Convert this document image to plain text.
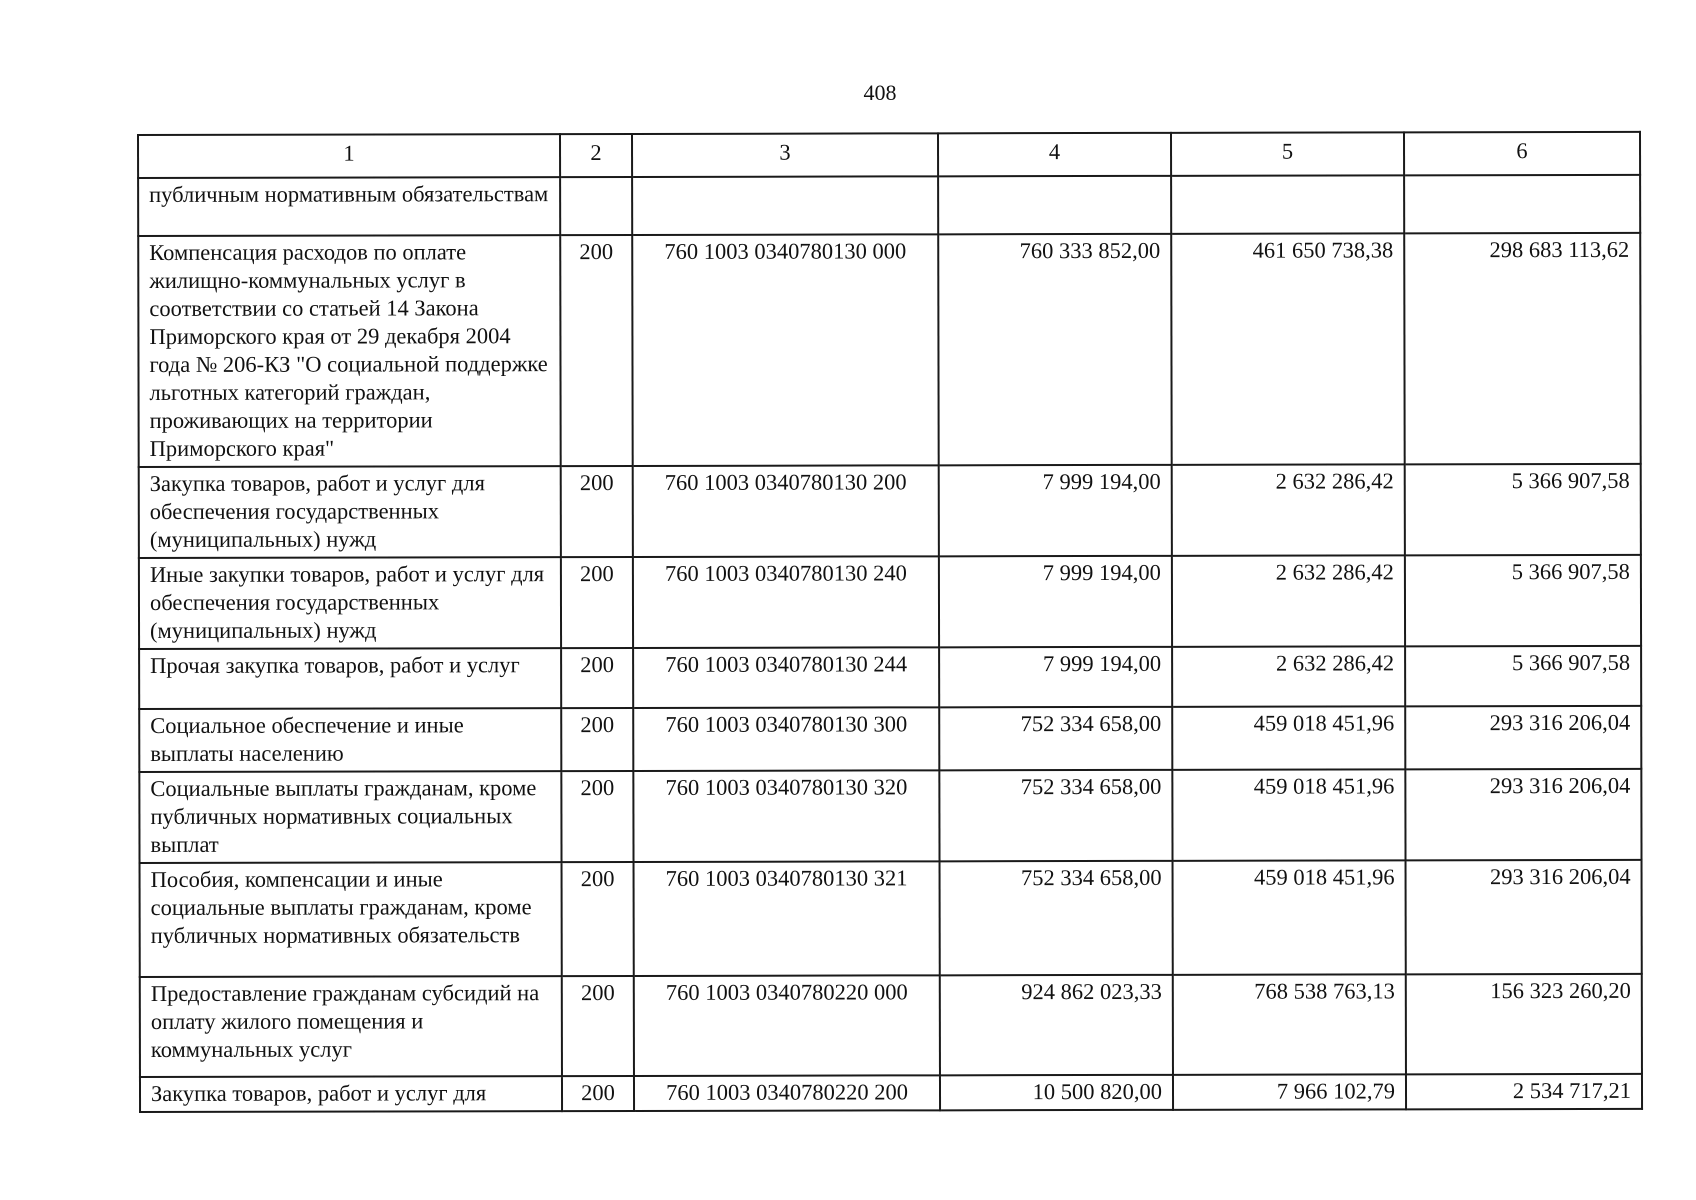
408
1	2	3	4	5	6
публичным нормативным обязательствам					
Компенсация расходов по оплате жилищно-коммунальных услуг в соответствии со статьей 14 Закона Приморского края от 29 декабря 2004 года № 206-КЗ "О социальной поддержке льготных категорий граждан, проживающих на территории Приморского края"	200	760 1003 0340780130 000	760 333 852,00	461 650 738,38	298 683 113,62
Закупка товаров, работ и услуг для обеспечения государственных (муниципальных) нужд	200	760 1003 0340780130 200	7 999 194,00	2 632 286,42	5 366 907,58
Иные закупки товаров, работ и услуг для обеспечения государственных (муниципальных) нужд	200	760 1003 0340780130 240	7 999 194,00	2 632 286,42	5 366 907,58
Прочая закупка товаров, работ и услуг	200	760 1003 0340780130 244	7 999 194,00	2 632 286,42	5 366 907,58
Социальное обеспечение и иные выплаты населению	200	760 1003 0340780130 300	752 334 658,00	459 018 451,96	293 316 206,04
Социальные выплаты гражданам, кроме публичных нормативных социальных выплат	200	760 1003 0340780130 320	752 334 658,00	459 018 451,96	293 316 206,04
Пособия, компенсации и иные социальные выплаты гражданам, кроме публичных нормативных обязательств	200	760 1003 0340780130 321	752 334 658,00	459 018 451,96	293 316 206,04
Предоставление гражданам субсидий на оплату жилого помещения и коммунальных услуг	200	760 1003 0340780220 000	924 862 023,33	768 538 763,13	156 323 260,20
Закупка товаров, работ и услуг для	200	760 1003 0340780220 200	10 500 820,00	7 966 102,79	2 534 717,21
